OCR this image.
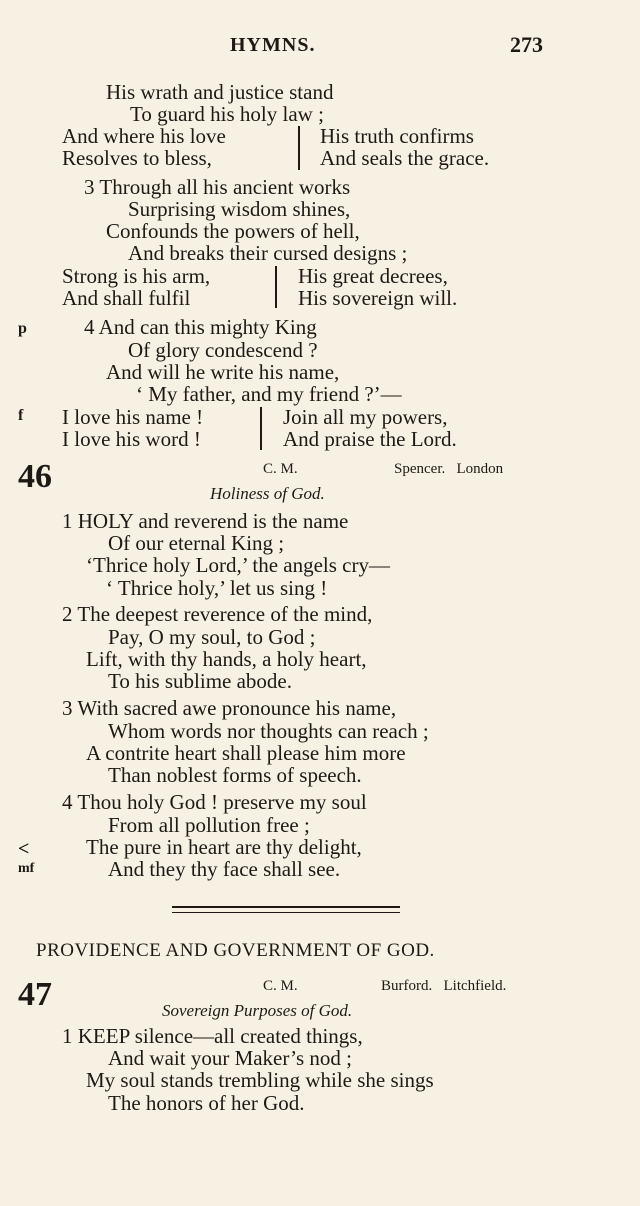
HYMNS.	273
His wrath and justice stand
To guard his holy law ;
And where his love	His truth confirms
Resolves to bless,	And seals the grace.
3 Through all his ancient works
Surprising wisdom shines,
Confounds the powers of hell,
And breaks their cursed designs ;
Strong is his arm,	His great decrees,
And shall fulfil	His sovereign will.
p	4 And can this mighty King
Of glory condescend ?
And will he write his name,
‘ My father, and my friend ?’—
f I love his name !	Join all my powers,
I love his word !	And praise the Lord.
46	C. M.	Spencer.   London
Holiness of God.
1 HOLY and reverend is the name
Of our eternal King ;
‘Thrice holy Lord,’ the angels cry—
‘ Thrice holy,’ let us sing !
2 The deepest reverence of the mind,
Pay, O my soul, to God ;
Lift, with thy hands, a holy heart,
To his sublime abode.
3 With sacred awe pronounce his name,
Whom words nor thoughts can reach ;
A contrite heart shall please him more
Than noblest forms of speech.
4 Thou holy God ! preserve my soul
From all pollution free ;
<	The pure in heart are thy delight,
mf	And they thy face shall see.
PROVIDENCE AND GOVERNMENT OF GOD.
47	C. M.	Burford.   Litchfield.
Sovereign Purposes of God.
1 KEEP silence—all created things,
And wait your Maker’s nod ;
My soul stands trembling while she sings
The honors of her God.
